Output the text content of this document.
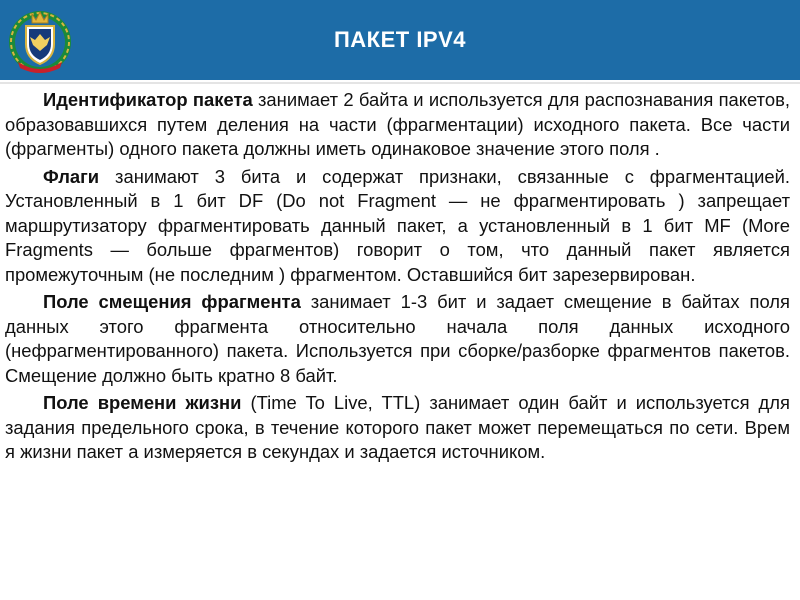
ПАКЕТ IPV4

Идентификатор пакета занимает 2 байта и используется для распознавания пакетов, образовавшихся путем деления на части (фрагментации) исходного пакета. Все части (фрагменты) одного пакета должны иметь одинаковое значение этого поля .

Флаги занимают 3 бита и содержат признаки, связанные с фрагментацией. Установленный в 1 бит DF (Do not Fragment — не фрагментировать ) запрещает маршрутизатору фрагментировать данный пакет, а установленный в 1 бит MF (More Fragments — больше фрагментов) говорит о том, что данный пакет является промежуточным (не последним ) фрагментом. Оставшийся бит зарезервирован.

Поле смещения фрагмента занимает 1-3 бит и задает смещение в байтах поля данных этого фрагмента относительно начала поля данных исходного (нефрагментированного) пакета. Используется при сборке/разборке фрагментов пакетов. Смещение должно быть кратно 8 байт.

Поле времени жизни (Time To Live, TTL) занимает один байт и используется для задания предельного срока, в течение которого пакет может перемещаться по сети. Врем я жизни пакет а измеряется в секундах и задается источником.
